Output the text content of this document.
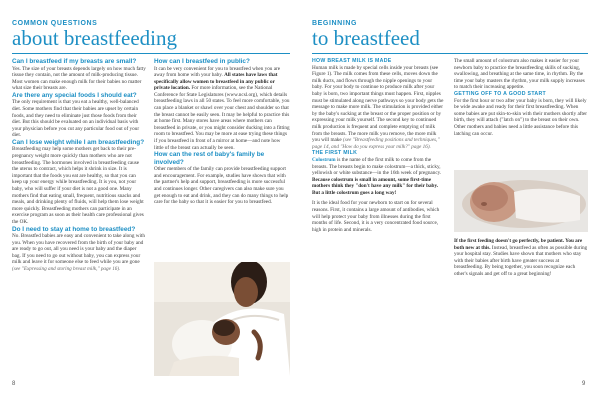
COMMON QUESTIONS
about breastfeeding
BEGINNING
to breastfeed

Can I breastfeed if my breasts are small?
Yes. The size of your breasts depends largely on how much fatty tissue they contain, not the amount of milk-producing tissue. Most women can make enough milk for their babies no matter what size their breasts are.

Are there any special foods I should eat?
The only requirement is that you eat a healthy, well-balanced diet. Some mothers find that their babies are upset by certain foods, and they need to eliminate just those foods from their diet. But this should be evaluated on an individual basis with your physician before you cut any particular food out of your diet.

Can I lose weight while I am breastfeeding?
Breastfeeding may help some mothers get back to their pre-pregnancy weight more quickly than mothers who are not breastfeeding. The hormones involved in breastfeeding cause the uterus to contract, which helps it shrink in size. It is important that the foods you eat are healthy, so that you can keep up your energy while breastfeeding. It is you, not your baby, who will suffer if your diet is not a good one. Many mothers find that eating small, frequent, nutritious snacks and meals, and drinking plenty of fluids, will help them lose weight more quickly. Breastfeeding mothers can participate in an exercise program as soon as their health care professional gives the OK.

Do I need to stay at home to breastfeed?
No. Breastfed babies are easy and convenient to take along with you. When you have recovered from the birth of your baby and are ready to go out, all you need is your baby and the diaper bag. If you need to go out without baby, you can express your milk and leave it for someone else to feed while you are gone (see "Expressing and storing breast milk," page 16).

How can I breastfeed in public?
It can be very convenient for you to breastfeed when you are away from home with your baby. All states have laws that specifically allow women to breastfeed in any public or private location. For more information, see the National Conference for State Legislatures (www.ncsl.org), which details breastfeeding laws in all 50 states. To feel more comfortable, you can place a blanket or shawl over your chest and shoulder so that the breast cannot be easily seen. It may be helpful to practice this at home first. Many stores have areas where mothers can breastfeed in private, or you might consider ducking into a fitting room to breastfeed. You may be more at ease trying these things if you breastfeed in front of a mirror at home—and note how little of the breast can actually be seen.

How can the rest of baby's family be involved?
Other members of the family can provide breastfeeding support and encouragement. For example, studies have shown that with the partner's help and support, breastfeeding is more successful and continues longer. Other caregivers can also make sure you get enough to eat and drink, and they can do many things to help care for the baby so that it is easier for you to breastfeed.

HOW BREAST MILK IS MADE
Human milk is made by special cells inside your breasts (see Figure 1). The milk comes from these cells, moves down the milk ducts, and flows through the nipple openings to your baby. For your body to continue to produce milk after your baby is born, two important things must happen. First, nipples must be stimulated along nerve pathways so your body gets the message to make more milk. The stimulation is provided either by the baby's sucking at the breast or the proper position or by expressing your milk yourself. The second key to continued milk production is frequent and complete emptying of milk from the breasts. The more milk you remove, the more milk you will make (see "Breastfeeding positions and techniques," page 14, and "How do you express your milk?" page 16).

THE FIRST MILK
Colostrum is the name of the first milk to come from the breasts. The breasts begin to make colostrum—a thick, sticky, yellowish or white substance—in the 16th week of pregnancy. Because colostrum is small in amount, some first-time mothers think they "don't have any milk" for their baby. But a little colostrum goes a long way!

It is the ideal food for your newborn to start on for several reasons. First, it contains a large amount of antibodies, which will help protect your baby from illnesses during the first months of life. Second, it is a very concentrated food source, high in protein and minerals.

The small amount of colostrum also makes it easier for your newborn baby to practice the breastfeeding skills of sucking, swallowing, and breathing at the same time, in rhythm. By the time your baby masters the rhythm, your milk supply increases to match their increasing appetite.

GETTING OFF TO A GOOD START
For the first hour or two after your baby is born, they will likely be wide awake and ready for their first breastfeeding. When some babies are put skin-to-skin with their mothers shortly after birth, they will attach ("latch on") to the breast on their own. Other mothers and babies need a little assistance before this latching can occur.

If the first feeding doesn't go perfectly, be patient. You are both new at this. Instead, breastfeed as often as possible during your hospital stay. Studies have shown that mothers who stay with their babies after birth have greater success at breastfeeding. By being together, you soon recognize each other's signals and get off to a great beginning!

8	9
